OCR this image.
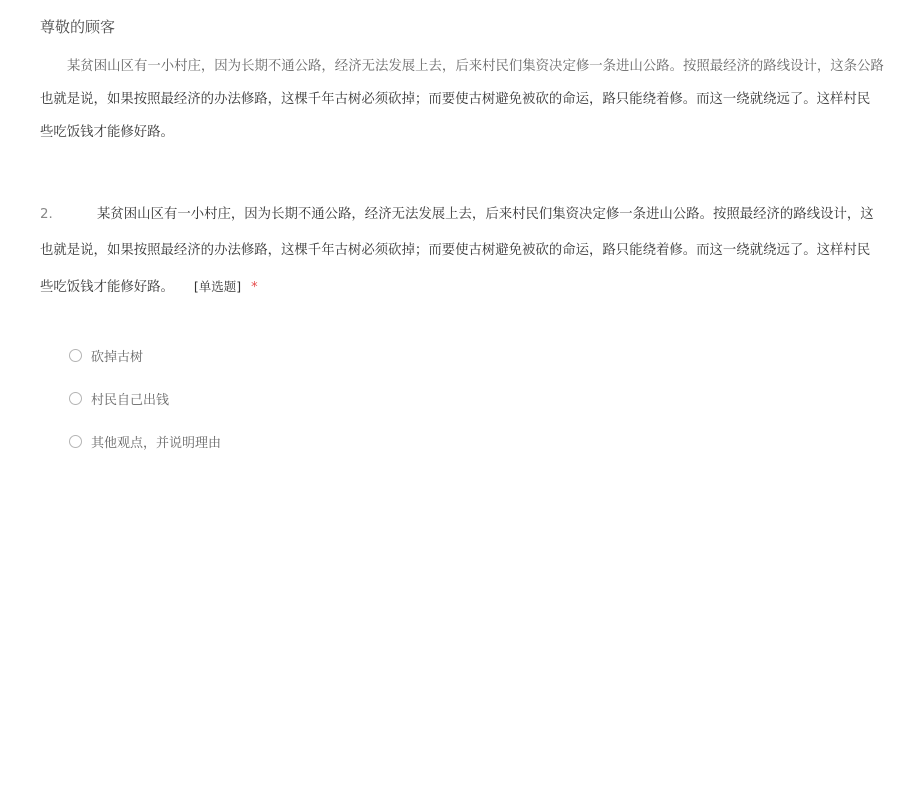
尊敬的顾客
某贫困山区有一小村庄，因为长期不通公路，经济无法发展上去，后来村民们集资决定修一条进山公路。按照最经济的路线设计，这条公路
也就是说，如果按照最经济的办法修路，这棵千年古树必须砍掉；而要使古树避免被砍的命运，路只能绕着修。而这一绕就绕远了。这样村民
些吃饭钱才能修好路。
2.	某贫困山区有一小村庄，因为长期不通公路，经济无法发展上去，后来村民们集资决定修一条进山公路。按照最经济的路线设计，这
也就是说，如果按照最经济的办法修路，这棵千年古树必须砍掉；而要使古树避免被砍的命运，路只能绕着修。而这一绕就绕远了。这样村民
些吃饭钱才能修好路。 [单选题] *
砍掉古树
村民自己出钱
其他观点，并说明理由
